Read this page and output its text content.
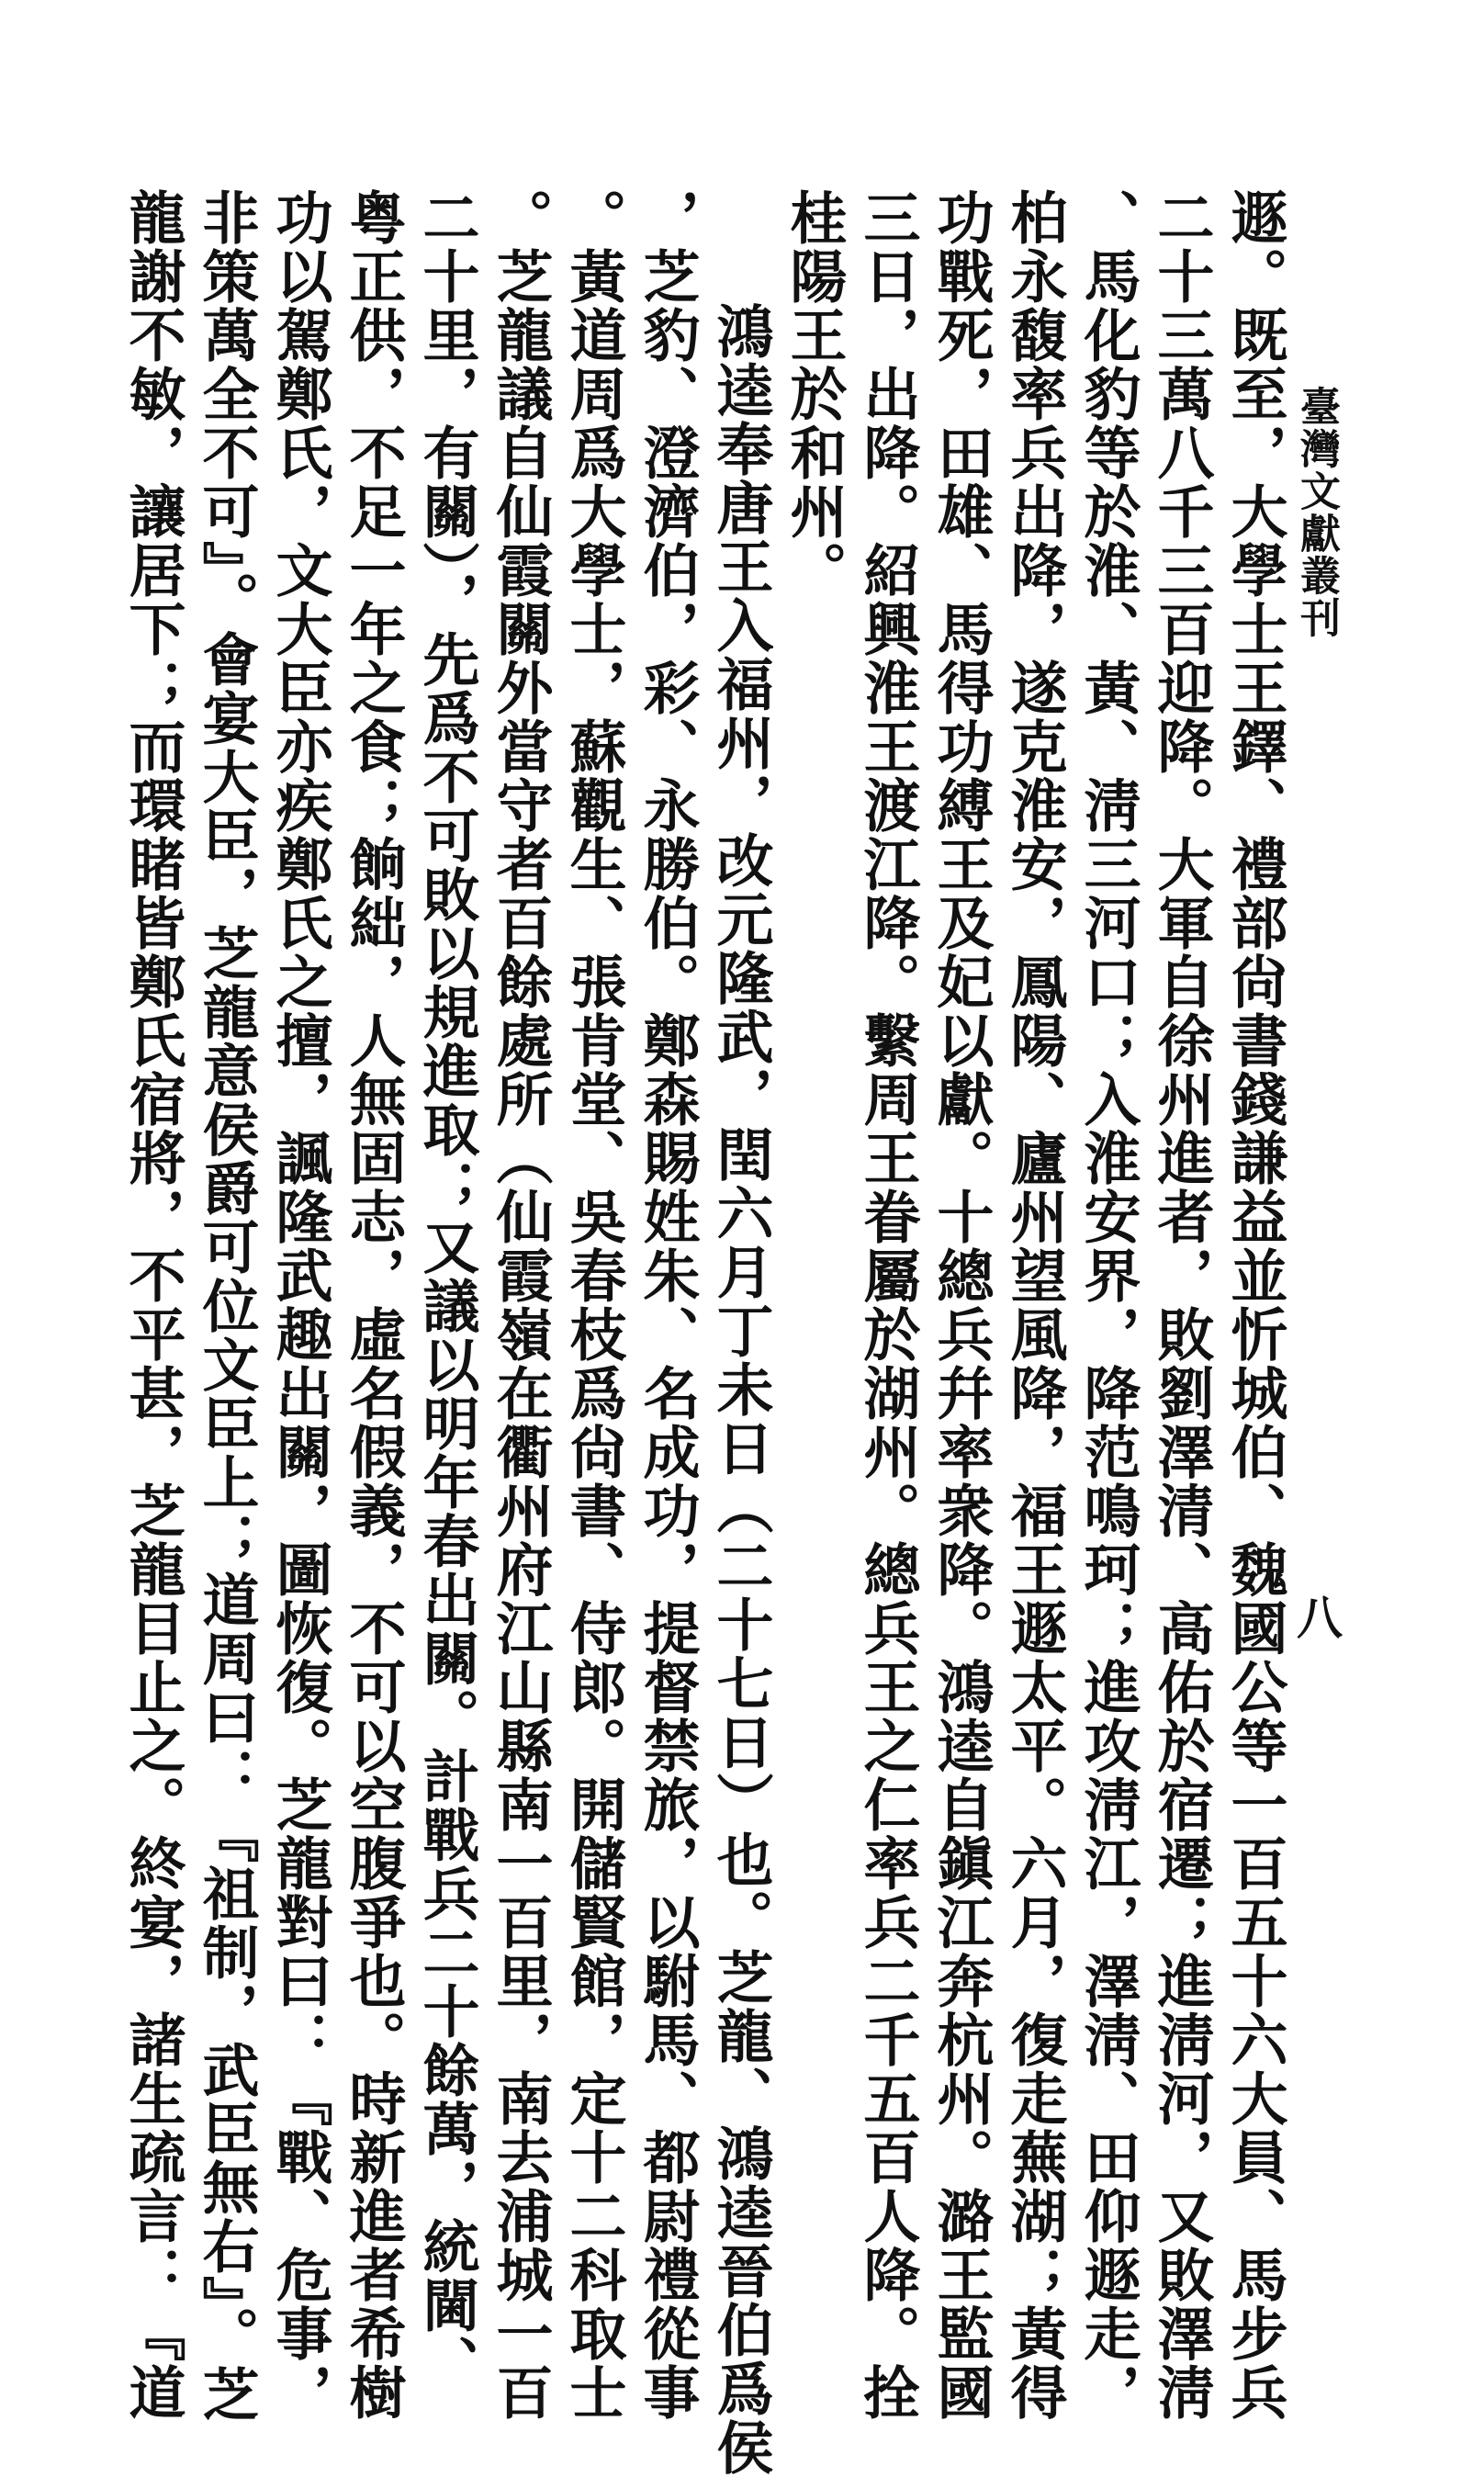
臺灣文獻叢刊
八
遯。既至，大學士王鐸、禮部尙書錢謙益並忻城伯、魏國公等一百五十六大員、馬步兵
二十三萬八千三百迎降。大軍自徐州進者，敗劉澤清、高佑於宿遷；進淸河，又敗澤淸
、馬化豹等於淮、黃、淸三河口；入淮安界，降范鳴珂；進攻淸江，澤淸、田仰遯走，
柏永馥率兵出降，遂克淮安，鳳陽、廬州望風降，福王遯太平。六月，復走蕪湖；黃得
功戰死，田雄、馬得功縛王及妃以獻。十總兵幷率衆降。鴻逵自鎭江奔杭州。潞王監國
三日，出降。紹興淮王渡江降。繫周王眷屬於湖州。總兵王之仁率兵二千五百人降。拴
桂陽王於和州。
鴻逵奉唐王入福州，改元隆武，閏六月丁未日（二十七日）也。芝龍、鴻逵晉伯爲侯
，芝豹、澄濟伯，彩、永勝伯。鄭森賜姓朱、名成功，提督禁旅，以駙馬、都尉禮從事
。黃道周爲大學士，蘇觀生、張肯堂、吳春枝爲尙書、侍郎。開儲賢館，定十二科取士
。芝龍議自仙霞關外當守者百餘處所（仙霞嶺在衢州府江山縣南一百里，南去浦城一百
二十里，有關），先爲不可敗以規進取；又議以明年春出關。計戰兵二十餘萬，統閫、
粤正供，不足一年之食；餉絀，人無固志，虛名假義，不可以空腹爭也。時新進者希樹
功以駕鄭氏，文大臣亦疾鄭氏之擅，諷隆武趣出關，圖恢復。芝龍對曰：『戰、危事，
非策萬全不可』。會宴大臣，芝龍意侯爵可位文臣上；道周曰：『祖制，武臣無右』。芝
龍謝不敏，讓居下；而環睹皆鄭氏宿將，不平甚，芝龍目止之。終宴，諸生疏言：『道
